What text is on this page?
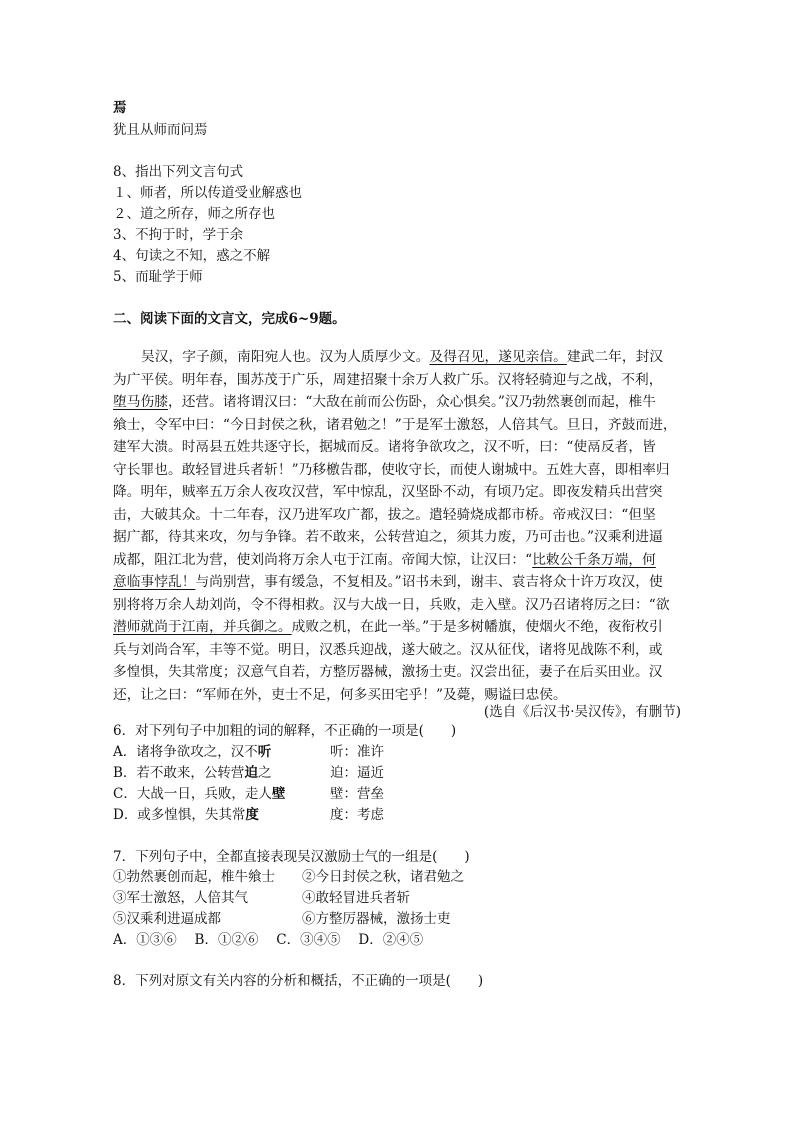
焉
犹且从师而问焉
8、指出下列文言句式
１、师者，所以传道受业解惑也
２、道之所存，师之所存也
3、不拘于时，学于余
4、句读之不知，惑之不解
5、而耻学于师
二、阅读下面的文言文，完成6~9题。
吴汉，字子颜，南阳宛人也。汉为人质厚少文。及得召见，遂见亲信。建武二年，封汉
为广平侯。明年春，围苏茂于广乐，周建招聚十余万人救广乐。汉将轻骑迎与之战，不利，
堕马伤膝，还营。诸将谓汉曰：“大敌在前而公伤卧，众心惧矣。”汉乃勃然裹创而起，椎牛
飨士，令军中曰：“今日封侯之秋，诸君勉之！”于是军士激怒，人倍其气。旦日，齐鼓而进，
建军大溃。时鬲县五姓共逐守长，据城而反。诸将争欲攻之，汉不听，曰：“使鬲反者，皆
守长罪也。敢轻冒进兵者斩！”乃移檄告郡，使收守长，而使人谢城中。五姓大喜，即相率归
降。明年，贼率五万余人夜攻汉营，军中惊乱，汉坚卧不动，有顷乃定。即夜发精兵出营突
击，大破其众。十二年春，汉乃进军攻广都，拔之。遣轻骑烧成都市桥。帝戒汉曰：“但坚
据广都，待其来攻，勿与争锋。若不敢来，公转营迫之，须其力废，乃可击也。”汉乘利进逼
成都，阻江北为营，使刘尚将万余人屯于江南。帝闻大惊，让汉曰：“比敕公千条万端，何
意临事悖乱！与尚别营，事有缓急，不复相及。”诏书未到，谢丰、袁吉将众十许万攻汉，使
别将将万余人劫刘尚，令不得相救。汉与大战一日，兵败，走入壁。汉乃召诸将厉之曰：“欲
潜师就尚于江南，并兵御之。成败之机，在此一举。”于是多树幡旗，使烟火不绝，夜衔枚引
兵与刘尚合军，丰等不觉。明日，汉悉兵迎战，遂大破之。汉从征伐，诸将见战陈不利，或
多惶惧，失其常度；汉意气自若，方整厉器械，激扬士吏。汉尝出征，妻子在后买田业。汉
还，让之曰：“军师在外，吏士不足，何多买田宅乎！”及薨，赐谥曰忠侯。
(选自《后汉书·吴汉传》，有删节)
6．对下列句子中加粗的词的解释，不正确的一项是(　　)
A．诸将争欲攻之，汉不听	听：准许
B．若不敢来，公转营迫之	迫：逼近
C．大战一日，兵败，走人壁	壁：营垒
D．或多惶惧，失其常度	度：考虑
7．下列句子中，全都直接表现吴汉激励士气的一组是(　　)
①勃然裹创而起，椎牛飨士 ②今日封侯之秋，诸君勉之
③军士激怒，人倍其气	④敢轻冒进兵者斩
⑤汉乘利进逼成都	⑥方整厉器械，激扬士吏
A．①③⑥　 B．①②⑥　 C．③④⑤　 D．②④⑤
8．下列对原文有关内容的分析和概括，不正确的一项是(　　)
